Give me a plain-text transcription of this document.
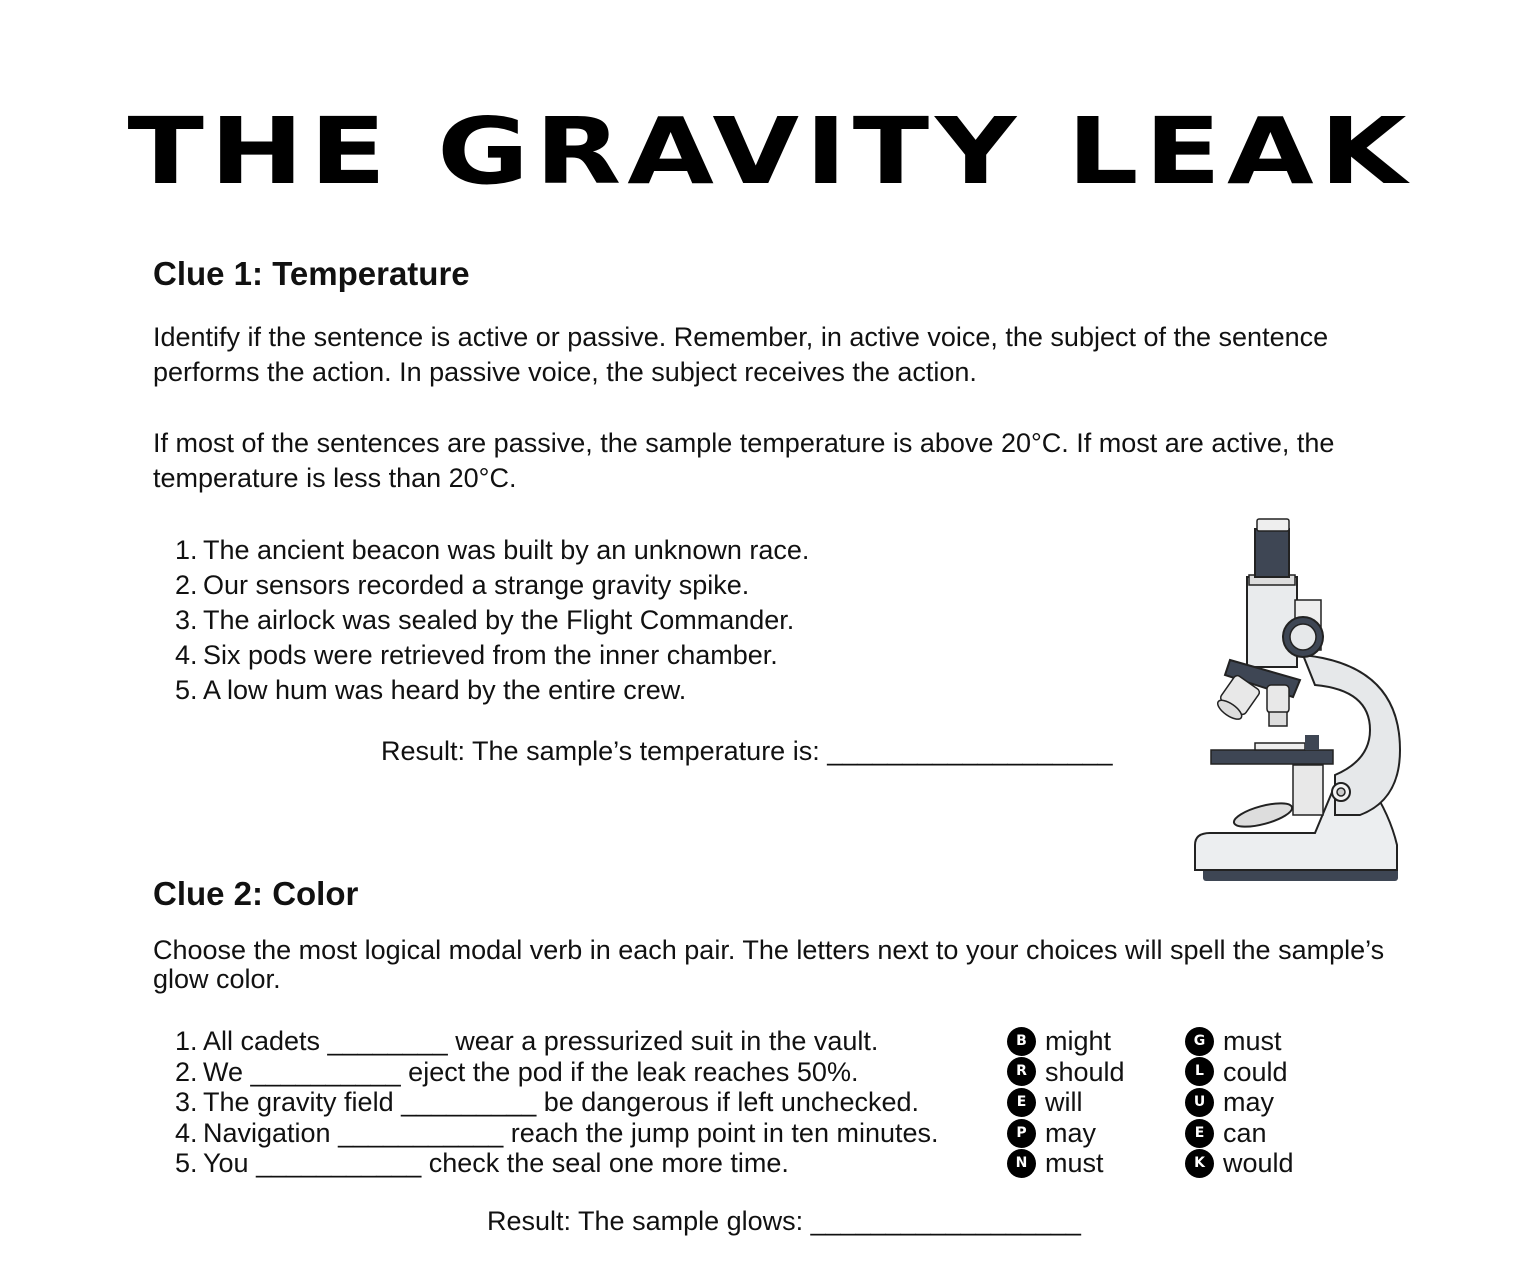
THE GRAVITY LEAK
Clue 1: Temperature

Identify if the sentence is active or passive. Remember, in active voice, the subject of the sentence performs the action. In passive voice, the subject receives the action.

If most of the sentences are passive, the sample temperature is above 20°C. If most are active, the temperature is less than 20°C.

1. The ancient beacon was built by an unknown race.
2. Our sensors recorded a strange gravity spike.
3. The airlock was sealed by the Flight Commander.
4. Six pods were retrieved from the inner chamber.
5. A low hum was heard by the entire crew.
Result: The sample’s temperature is: ___________________
Clue 2: Color

Choose the most logical modal verb in each pair. The letters next to your choices will spell the sample’s glow color.

1. All cadets ________ wear a pressurized suit in the vault.
2. We __________ eject the pod if the leak reaches 50%.
3. The gravity field _________ be dangerous if left unchecked.
4. Navigation ___________ reach the jump point in ten minutes.
5. You ___________ check the seal one more time.
B might
R should
E will
P may
N must
G must
L could
U may
E can
K would
Result: The sample glows: __________________
